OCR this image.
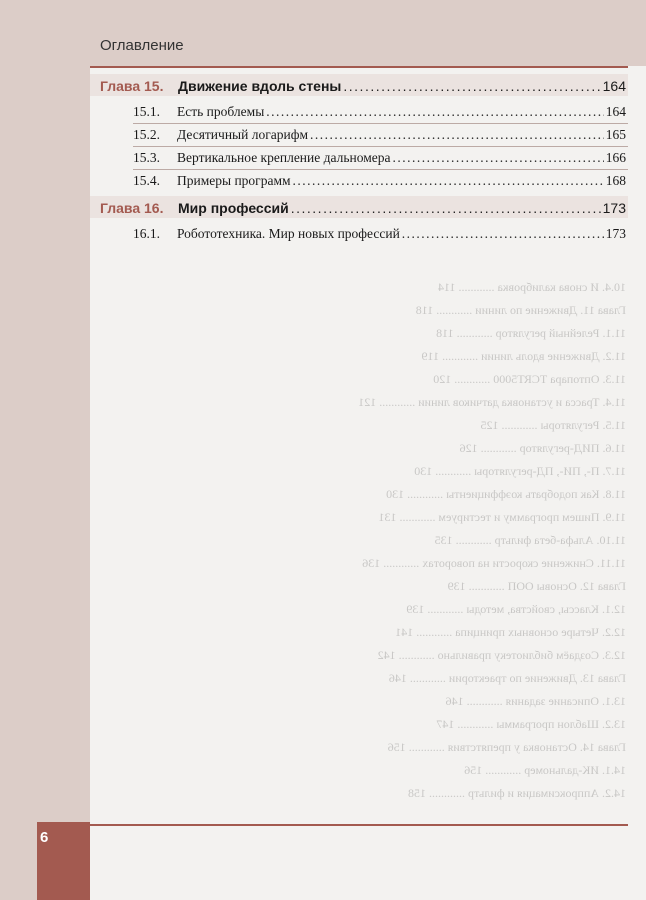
Оглавление
10.4. И снова калибровка ............ 114
Глава 11. Движение по линии ............ 118
11.1. Релейный регулятор ............ 118
11.2. Движение вдоль линии ............ 119
11.3. Оптопара TCRT5000 ............ 120
11.4. Трасса и установка датчиков линии ............ 121
11.5. Регуляторы ............ 125
11.6. ПИД-регулятор ............ 126
11.7. П-, ПИ-, ПД-регуляторы ............ 130
11.8. Как подобрать коэффициенты ............ 130
11.9. Пишем программу и тестируем ............ 131
11.10. Альфа-бета фильтр ............ 135
11.11. Снижение скорости на поворотах ............ 136
Глава 12. Основы ООП ............ 139
12.1. Классы, свойства, методы ............ 139
12.2. Четыре основных принципа ............ 141
12.3. Создаём библиотеку правильно ............ 142
Глава 13. Движение по траектории ............ 146
13.1. Описание задания ............ 146
13.2. Шаблон программы ............ 147
Глава 14. Остановка у препятствия ............ 156
14.1. ИК-дальномер ............ 156
14.2. Аппроксимация и фильтр ............ 158
Глава 15.	Движение вдоль стены .....	164
15.1.	Есть проблемы .....	164
15.2.	Десятичный логарифм .....	165
15.3.	Вертикальное крепление дальномера .....	166
15.4.	Примеры программ .....	168
Глава 16.	Мир профессий .....	173
16.1.	Робототехника. Мир новых профессий .....	173
6
